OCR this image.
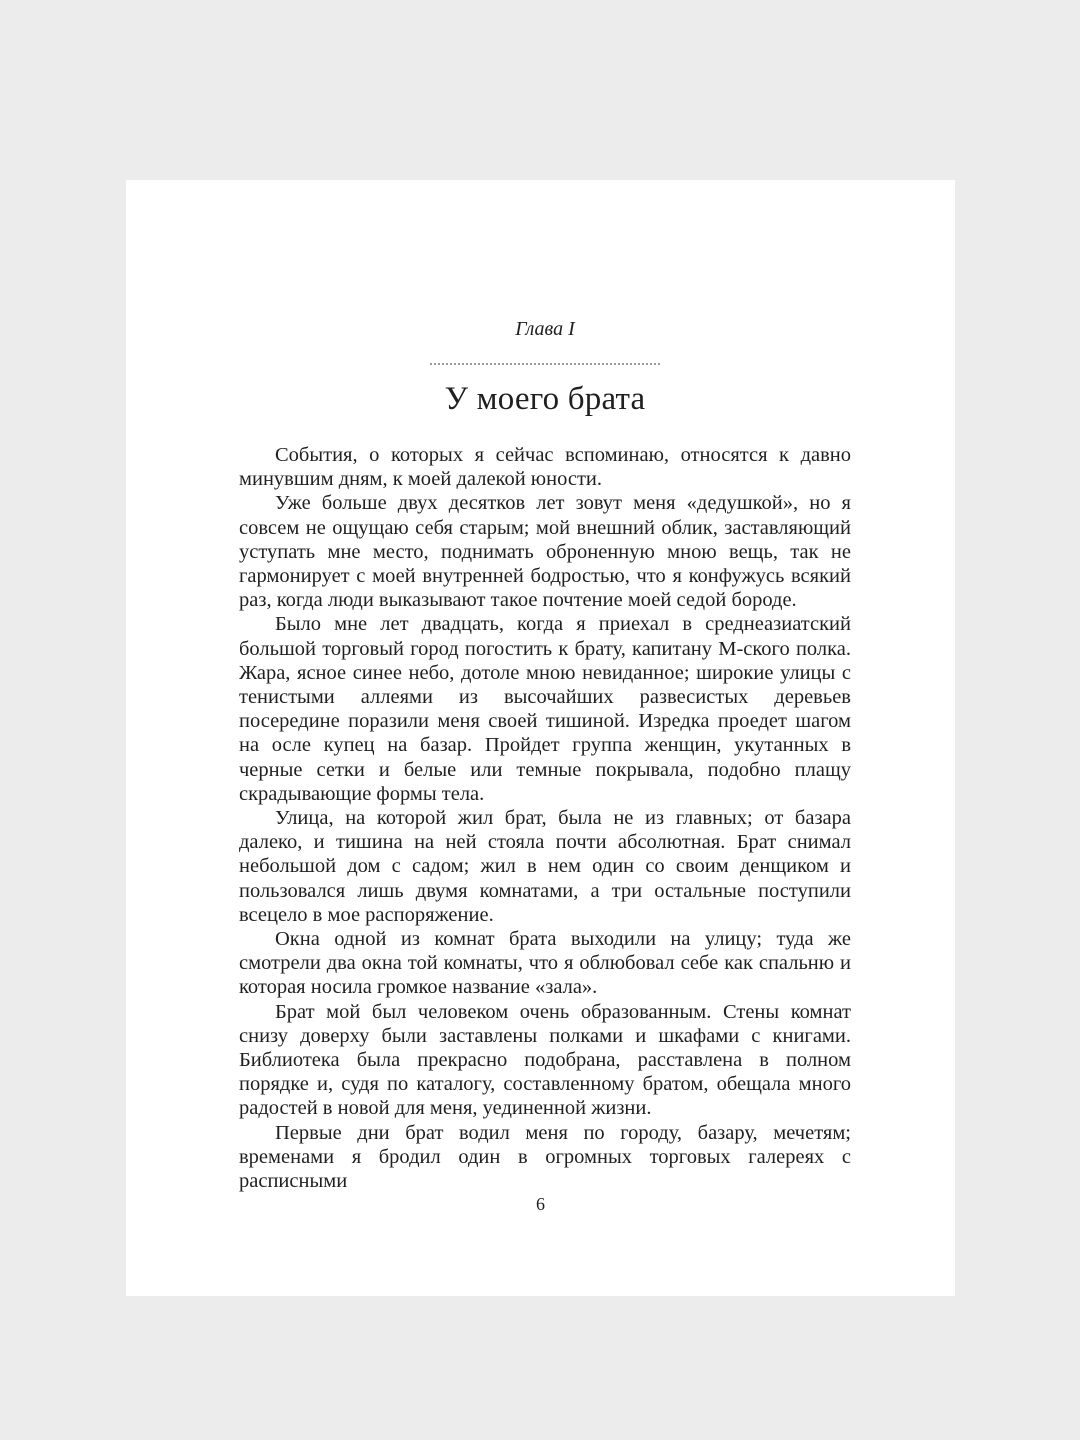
Глава I

У моего брата

События, о которых я сейчас вспоминаю, относятся к давно минувшим дням, к моей далекой юности.

Уже больше двух десятков лет зовут меня «дедушкой», но я совсем не ощущаю себя старым; мой внешний облик, заставляющий уступать мне место, поднимать оброненную мною вещь, так не гармонирует с моей внутренней бодростью, что я конфужусь всякий раз, когда люди выказывают такое почтение моей седой бороде.

Было мне лет двадцать, когда я приехал в среднеазиатский большой торговый город погостить к брату, капитану М-ского полка. Жара, ясное синее небо, дотоле мною невиданное; широкие улицы с тенистыми аллеями из высочайших развесистых деревьев посередине поразили меня своей тишиной. Изредка проедет шагом на осле купец на базар. Пройдет группа женщин, укутанных в черные сетки и белые или темные покрывала, подобно плащу скрадывающие формы тела.

Улица, на которой жил брат, была не из главных; от базара далеко, и тишина на ней стояла почти абсолютная. Брат снимал небольшой дом с садом; жил в нем один со своим денщиком и пользовался лишь двумя комнатами, а три остальные поступили всецело в мое распоряжение.

Окна одной из комнат брата выходили на улицу; туда же смотрели два окна той комнаты, что я облюбовал себе как спальню и которая носила громкое название «зала».

Брат мой был человеком очень образованным. Стены комнат снизу доверху были заставлены полками и шкафами с книгами. Библиотека была прекрасно подобрана, расставлена в полном порядке и, судя по каталогу, составленному братом, обещала много радостей в новой для меня, уединенной жизни.

Первые дни брат водил меня по городу, базару, мечетям; временами я бродил один в огромных торговых галереях с расписными

6
